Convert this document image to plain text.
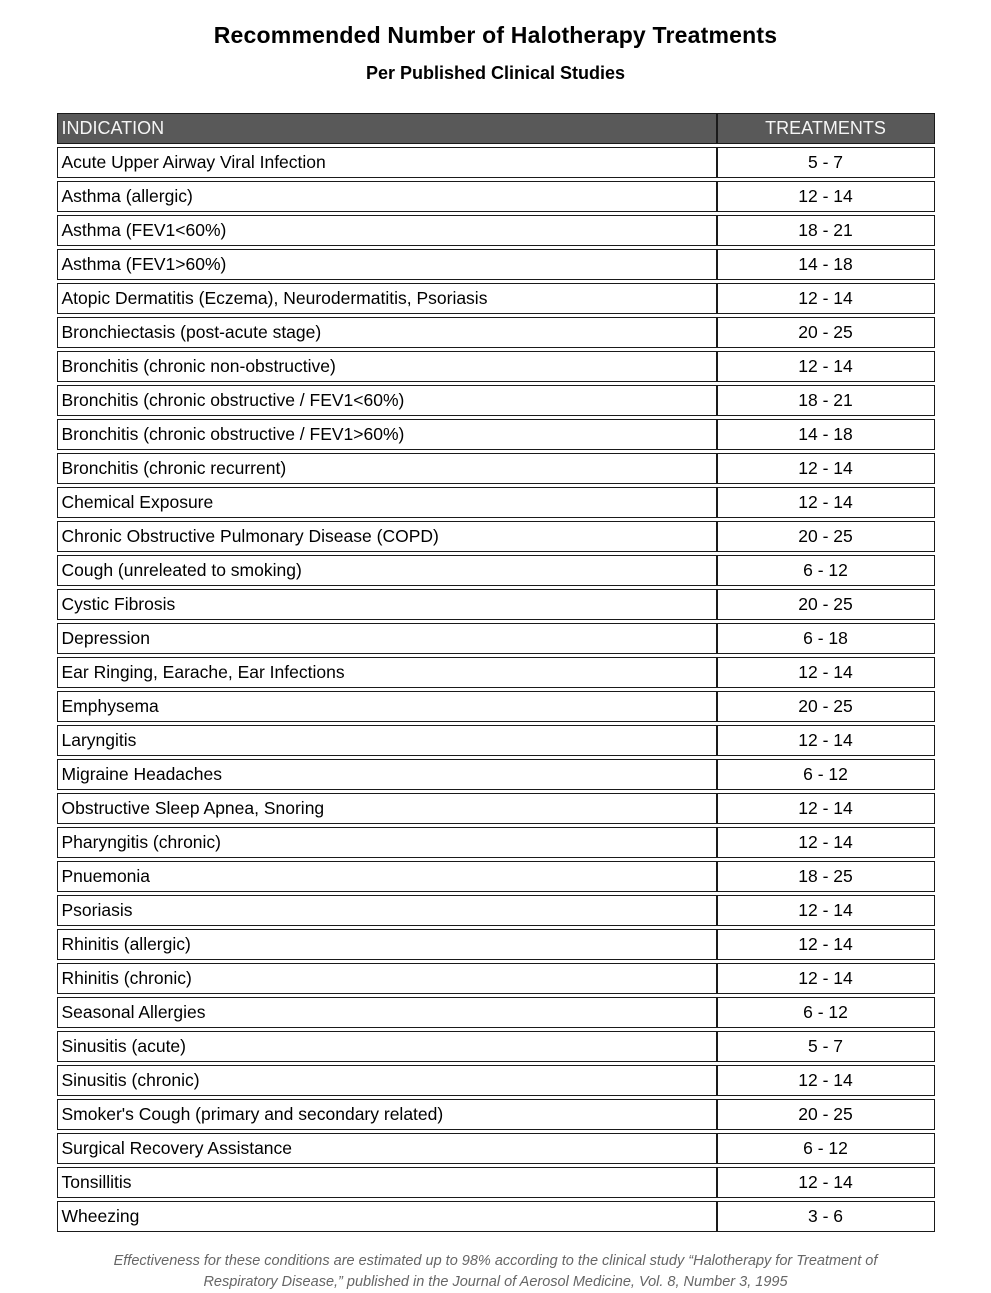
Recommended Number of Halotherapy Treatments
Per Published Clinical Studies
INDICATION	TREATMENTS
Acute Upper Airway Viral Infection	5 - 7
Asthma (allergic)	12 - 14
Asthma (FEV1<60%)	18 - 21
Asthma (FEV1>60%)	14 - 18
Atopic Dermatitis (Eczema), Neurodermatitis, Psoriasis	12 - 14
Bronchiectasis (post-acute stage)	20 - 25
Bronchitis (chronic non-obstructive)	12 - 14
Bronchitis (chronic obstructive / FEV1<60%)	18 - 21
Bronchitis (chronic obstructive / FEV1>60%)	14 - 18
Bronchitis (chronic recurrent)	12 - 14
Chemical Exposure	12 - 14
Chronic Obstructive Pulmonary Disease (COPD)	20 - 25
Cough (unreleated to smoking)	6 - 12
Cystic Fibrosis	20 - 25
Depression	6 - 18
Ear Ringing, Earache, Ear Infections	12 - 14
Emphysema	20 - 25
Laryngitis	12 - 14
Migraine Headaches	6 - 12
Obstructive Sleep Apnea, Snoring	12 - 14
Pharyngitis (chronic)	12 - 14
Pnuemonia	18 - 25
Psoriasis	12 - 14
Rhinitis (allergic)	12 - 14
Rhinitis (chronic)	12 - 14
Seasonal Allergies	6 - 12
Sinusitis (acute)	5 - 7
Sinusitis (chronic)	12 - 14
Smoker's Cough (primary and secondary related)	20 - 25
Surgical Recovery Assistance	6 - 12
Tonsillitis	12 - 14
Wheezing	3 - 6

Effectiveness for these conditions are estimated up to 98% according to the clinical study “Halotherapy for Treatment of Respiratory Disease,” published in the Journal of Aerosol Medicine, Vol. 8, Number 3, 1995
